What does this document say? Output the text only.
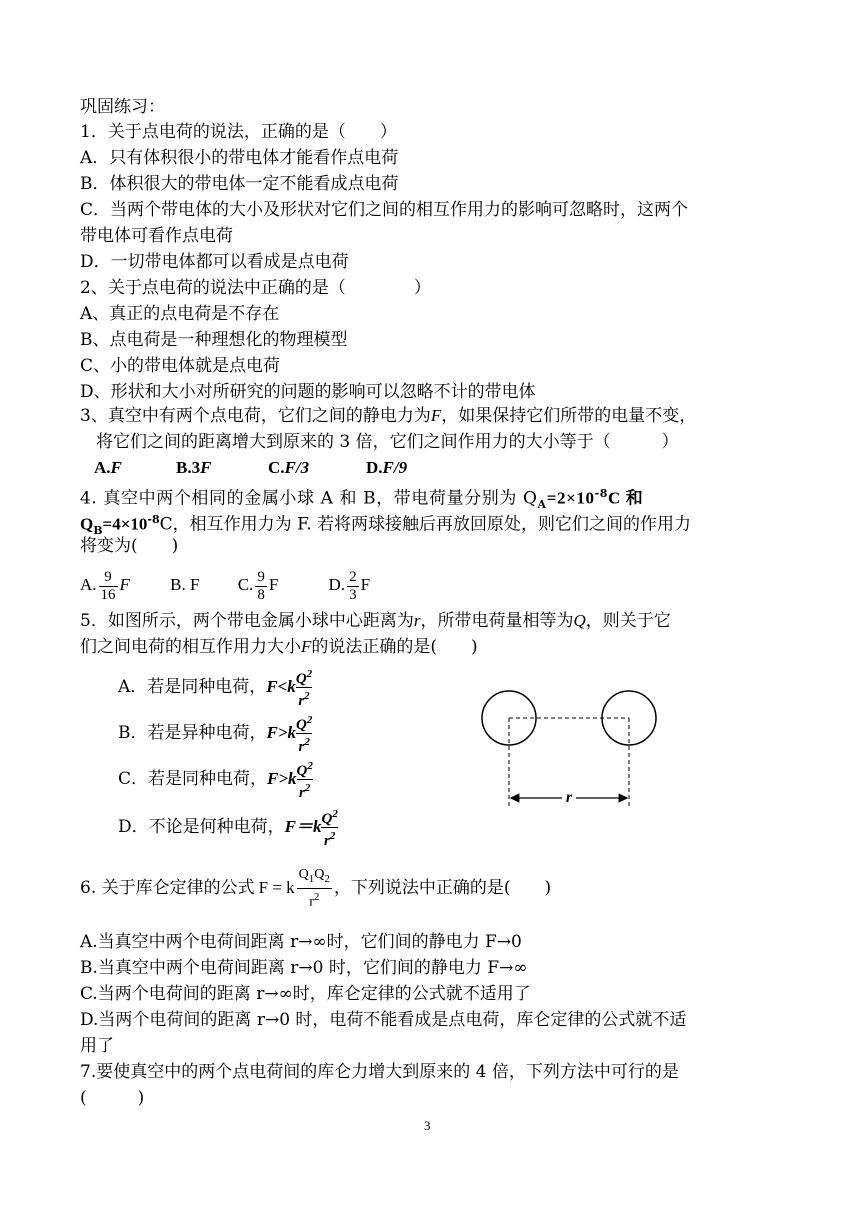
巩固练习：
1．关于点电荷的说法，正确的是（　　）
A．只有体积很小的带电体才能看作点电荷
B．体积很大的带电体一定不能看成点电荷
C．当两个带电体的大小及形状对它们之间的相互作用力的影响可忽略时，这两个
带电体可看作点电荷
D．一切带电体都可以看成是点电荷
2、关于点电荷的说法中正确的是（　　　　）
A、真正的点电荷是不存在
B、点电荷是一种理想化的物理模型
C、小的带电体就是点电荷
D、形状和大小对所研究的问题的影响可以忽略不计的带电体
3、真空中有两个点电荷，它们之间的静电力为F，如果保持它们所带的电量不变，
将它们之间的距离增大到原来的 3 倍，它们之间作用力的大小等于（　　　）
A.F	B.3F	C.F/3	D.F/9
4. 真空中两个相同的金属小球 A 和 B，带电荷量分别为 $Q_A=2\times 10^{-8}C$ 和
$Q_B=4\times 10^{-8}C$，相互作用力为 F. 若将两球接触后再放回原处，则它们之间的作用力
将变为(　　)
A. $\frac{9}{16}$ F B. F C. $\frac{9}{8}$ F	D. $\frac{2}{3}$ F
5．如图所示，两个带电金属小球中心距离为r，所带电荷量相等为Q，则关于它
们之间电荷的相互作用力大小F的说法正确的是(　　)
A．若是同种电荷，$F<k \frac{Q^2}{r^2}$
B．若是异种电荷，$F>k \frac{Q^2}{r^2}$
C．若是同种电荷，$F>k \frac{Q^2}{r^2}$
D．不论是何种电荷，$F=k \frac{Q^2}{r^2}$
r
6. 关于库仑定律的公式 F = k $\frac{Q_1Q_2}{r^2}$ ，下列说法中正确的是(　　)
A.当真空中两个电荷间距离 r→∞时，它们间的静电力 F→0
B.当真空中两个电荷间距离 r→0 时，它们间的静电力 F→∞
C.当两个电荷间的距离 r→∞时，库仑定律的公式就不适用了
D.当两个电荷间的距离 r→0 时，电荷不能看成是点电荷，库仑定律的公式就不适
用了
7.要使真空中的两个点电荷间的库仑力增大到原来的 4 倍，下列方法中可行的是
(　　　)
3
